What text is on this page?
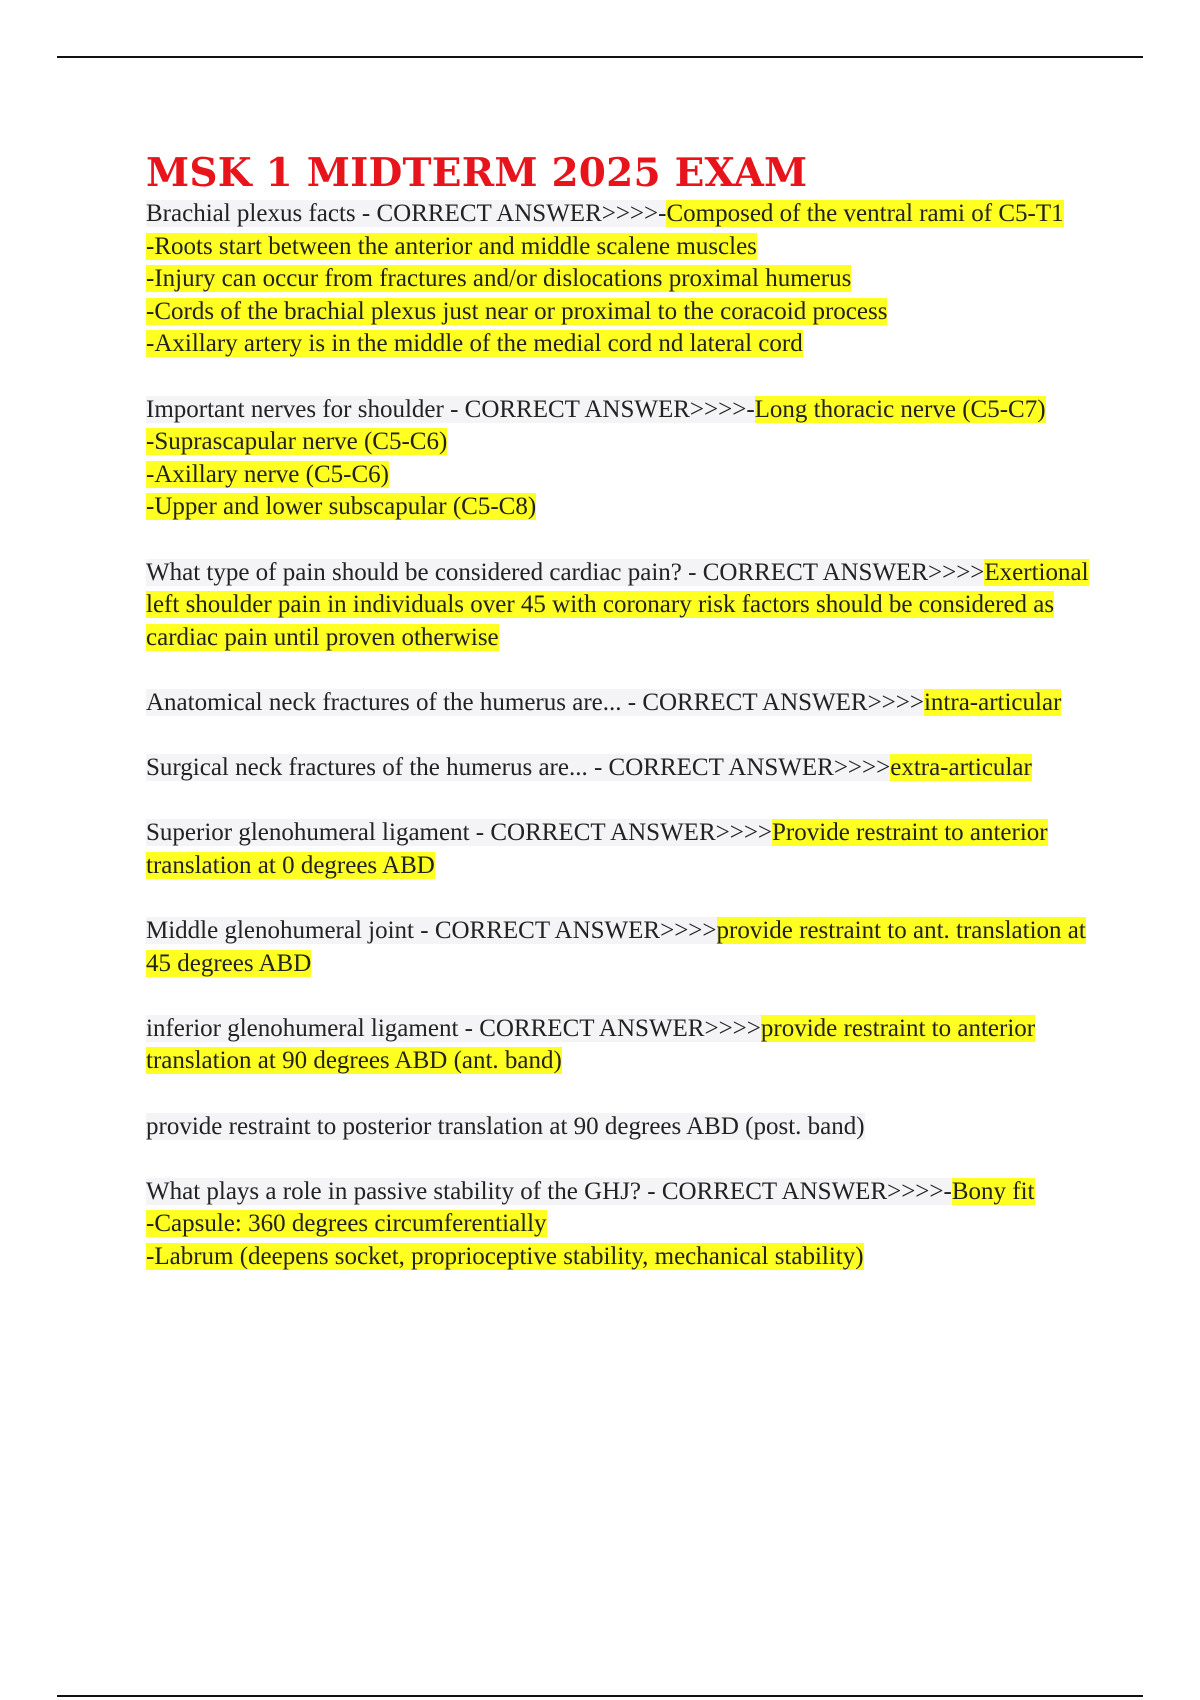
MSK 1 MIDTERM 2025 EXAM
Brachial plexus facts - CORRECT ANSWER>>>>-Composed of the ventral rami of C5-T1
-Roots start between the anterior and middle scalene muscles
-Injury can occur from fractures and/or dislocations proximal humerus
-Cords of the brachial plexus just near or proximal to the coracoid process
-Axillary artery is in the middle of the medial cord nd lateral cord
Important nerves for shoulder - CORRECT ANSWER>>>>-Long thoracic nerve (C5-C7)
-Suprascapular nerve (C5-C6)
-Axillary nerve (C5-C6)
-Upper and lower subscapular (C5-C8)
What type of pain should be considered cardiac pain? - CORRECT ANSWER>>>>Exertional left shoulder pain in individuals over 45 with coronary risk factors should be considered as cardiac pain until proven otherwise
Anatomical neck fractures of the humerus are... - CORRECT ANSWER>>>>intra-articular
Surgical neck fractures of the humerus are... - CORRECT ANSWER>>>>extra-articular
Superior glenohumeral ligament - CORRECT ANSWER>>>>Provide restraint to anterior translation at 0 degrees ABD
Middle glenohumeral joint - CORRECT ANSWER>>>>provide restraint to ant. translation at 45 degrees ABD
inferior glenohumeral ligament - CORRECT ANSWER>>>>provide restraint to anterior translation at 90 degrees ABD (ant. band)
provide restraint to posterior translation at 90 degrees ABD (post. band)
What plays a role in passive stability of the GHJ? - CORRECT ANSWER>>>>-Bony fit
-Capsule: 360 degrees circumferentially
-Labrum (deepens socket, proprioceptive stability, mechanical stability)
